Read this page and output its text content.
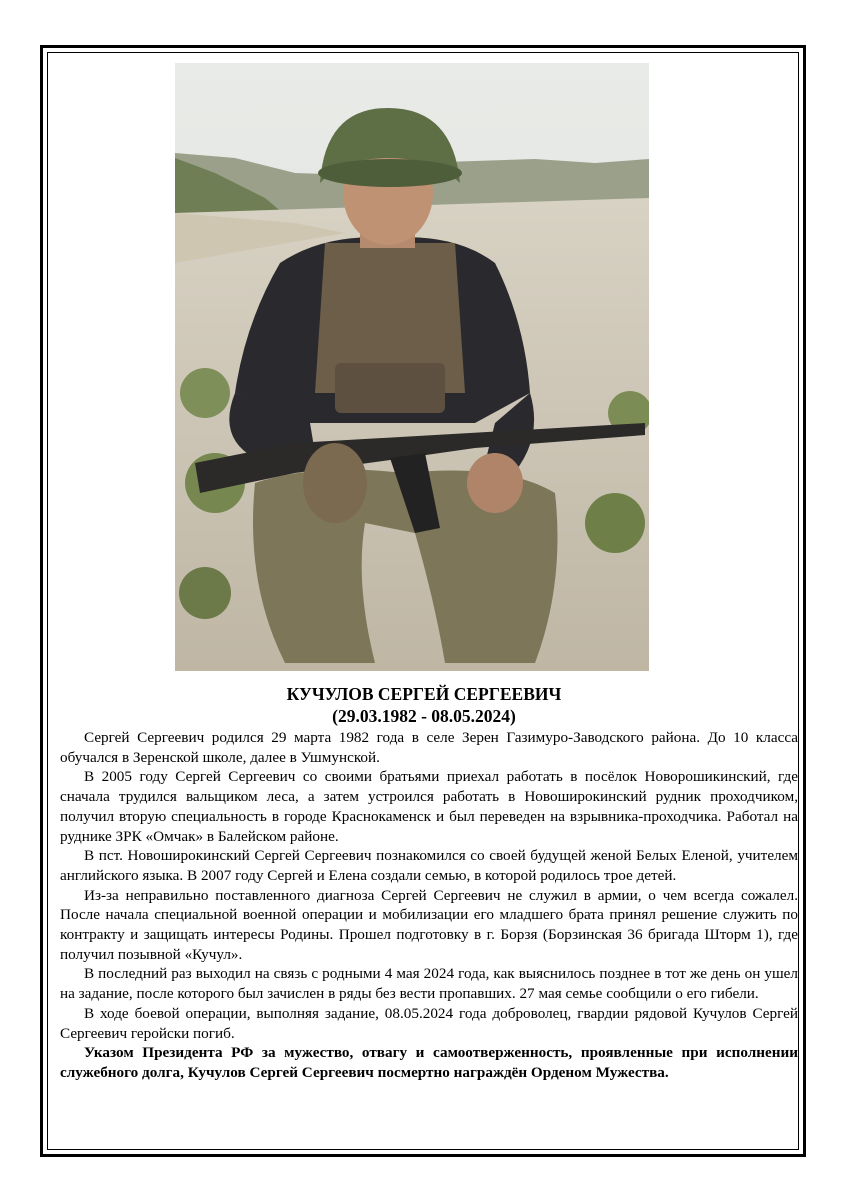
КУЧУЛОВ СЕРГЕЙ СЕРГЕЕВИЧ
(29.03.1982 - 08.05.2024)

Сергей Сергеевич родился 29 марта 1982 года в селе Зерен Газимуро-Заводского района. До 10 класса обучался в Зеренской школе, далее в Ушмунской.

В 2005 году Сергей Сергеевич со своими братьями приехал работать в посёлок Новорошикинский, где сначала трудился вальщиком леса, а затем устроился работать в Новоширокинский рудник проходчиком, получил вторую специальность в городе Краснокаменск и был переведен на взрывника-проходчика. Работал на руднике ЗРК «Омчак» в Балейском районе.

В пст. Новоширокинский Сергей Сергеевич познакомился со своей будущей женой Белых Еленой, учителем английского языка. В 2007 году Сергей и Елена создали семью, в которой родилось трое детей.

Из-за неправильно поставленного диагноза Сергей Сергеевич не служил в армии, о чем всегда сожалел. После начала специальной военной операции и мобилизации его младшего брата принял решение служить по контракту и защищать интересы Родины. Прошел подготовку в г. Борзя (Борзинская 36 бригада Шторм 1), где получил позывной «Кучул».

В последний раз выходил на связь с родными 4 мая 2024 года, как выяснилось позднее в тот же день он ушел на задание, после которого был зачислен в ряды без вести пропавших. 27 мая семье сообщили о его гибели.

В ходе боевой операции, выполняя задание, 08.05.2024 года доброволец, гвардии рядовой Кучулов Сергей Сергеевич геройски погиб.

Указом Президента РФ за мужество, отвагу и самоотверженность, проявленные при исполнении служебного долга, Кучулов Сергей Сергеевич посмертно награждён Орденом Мужества.
